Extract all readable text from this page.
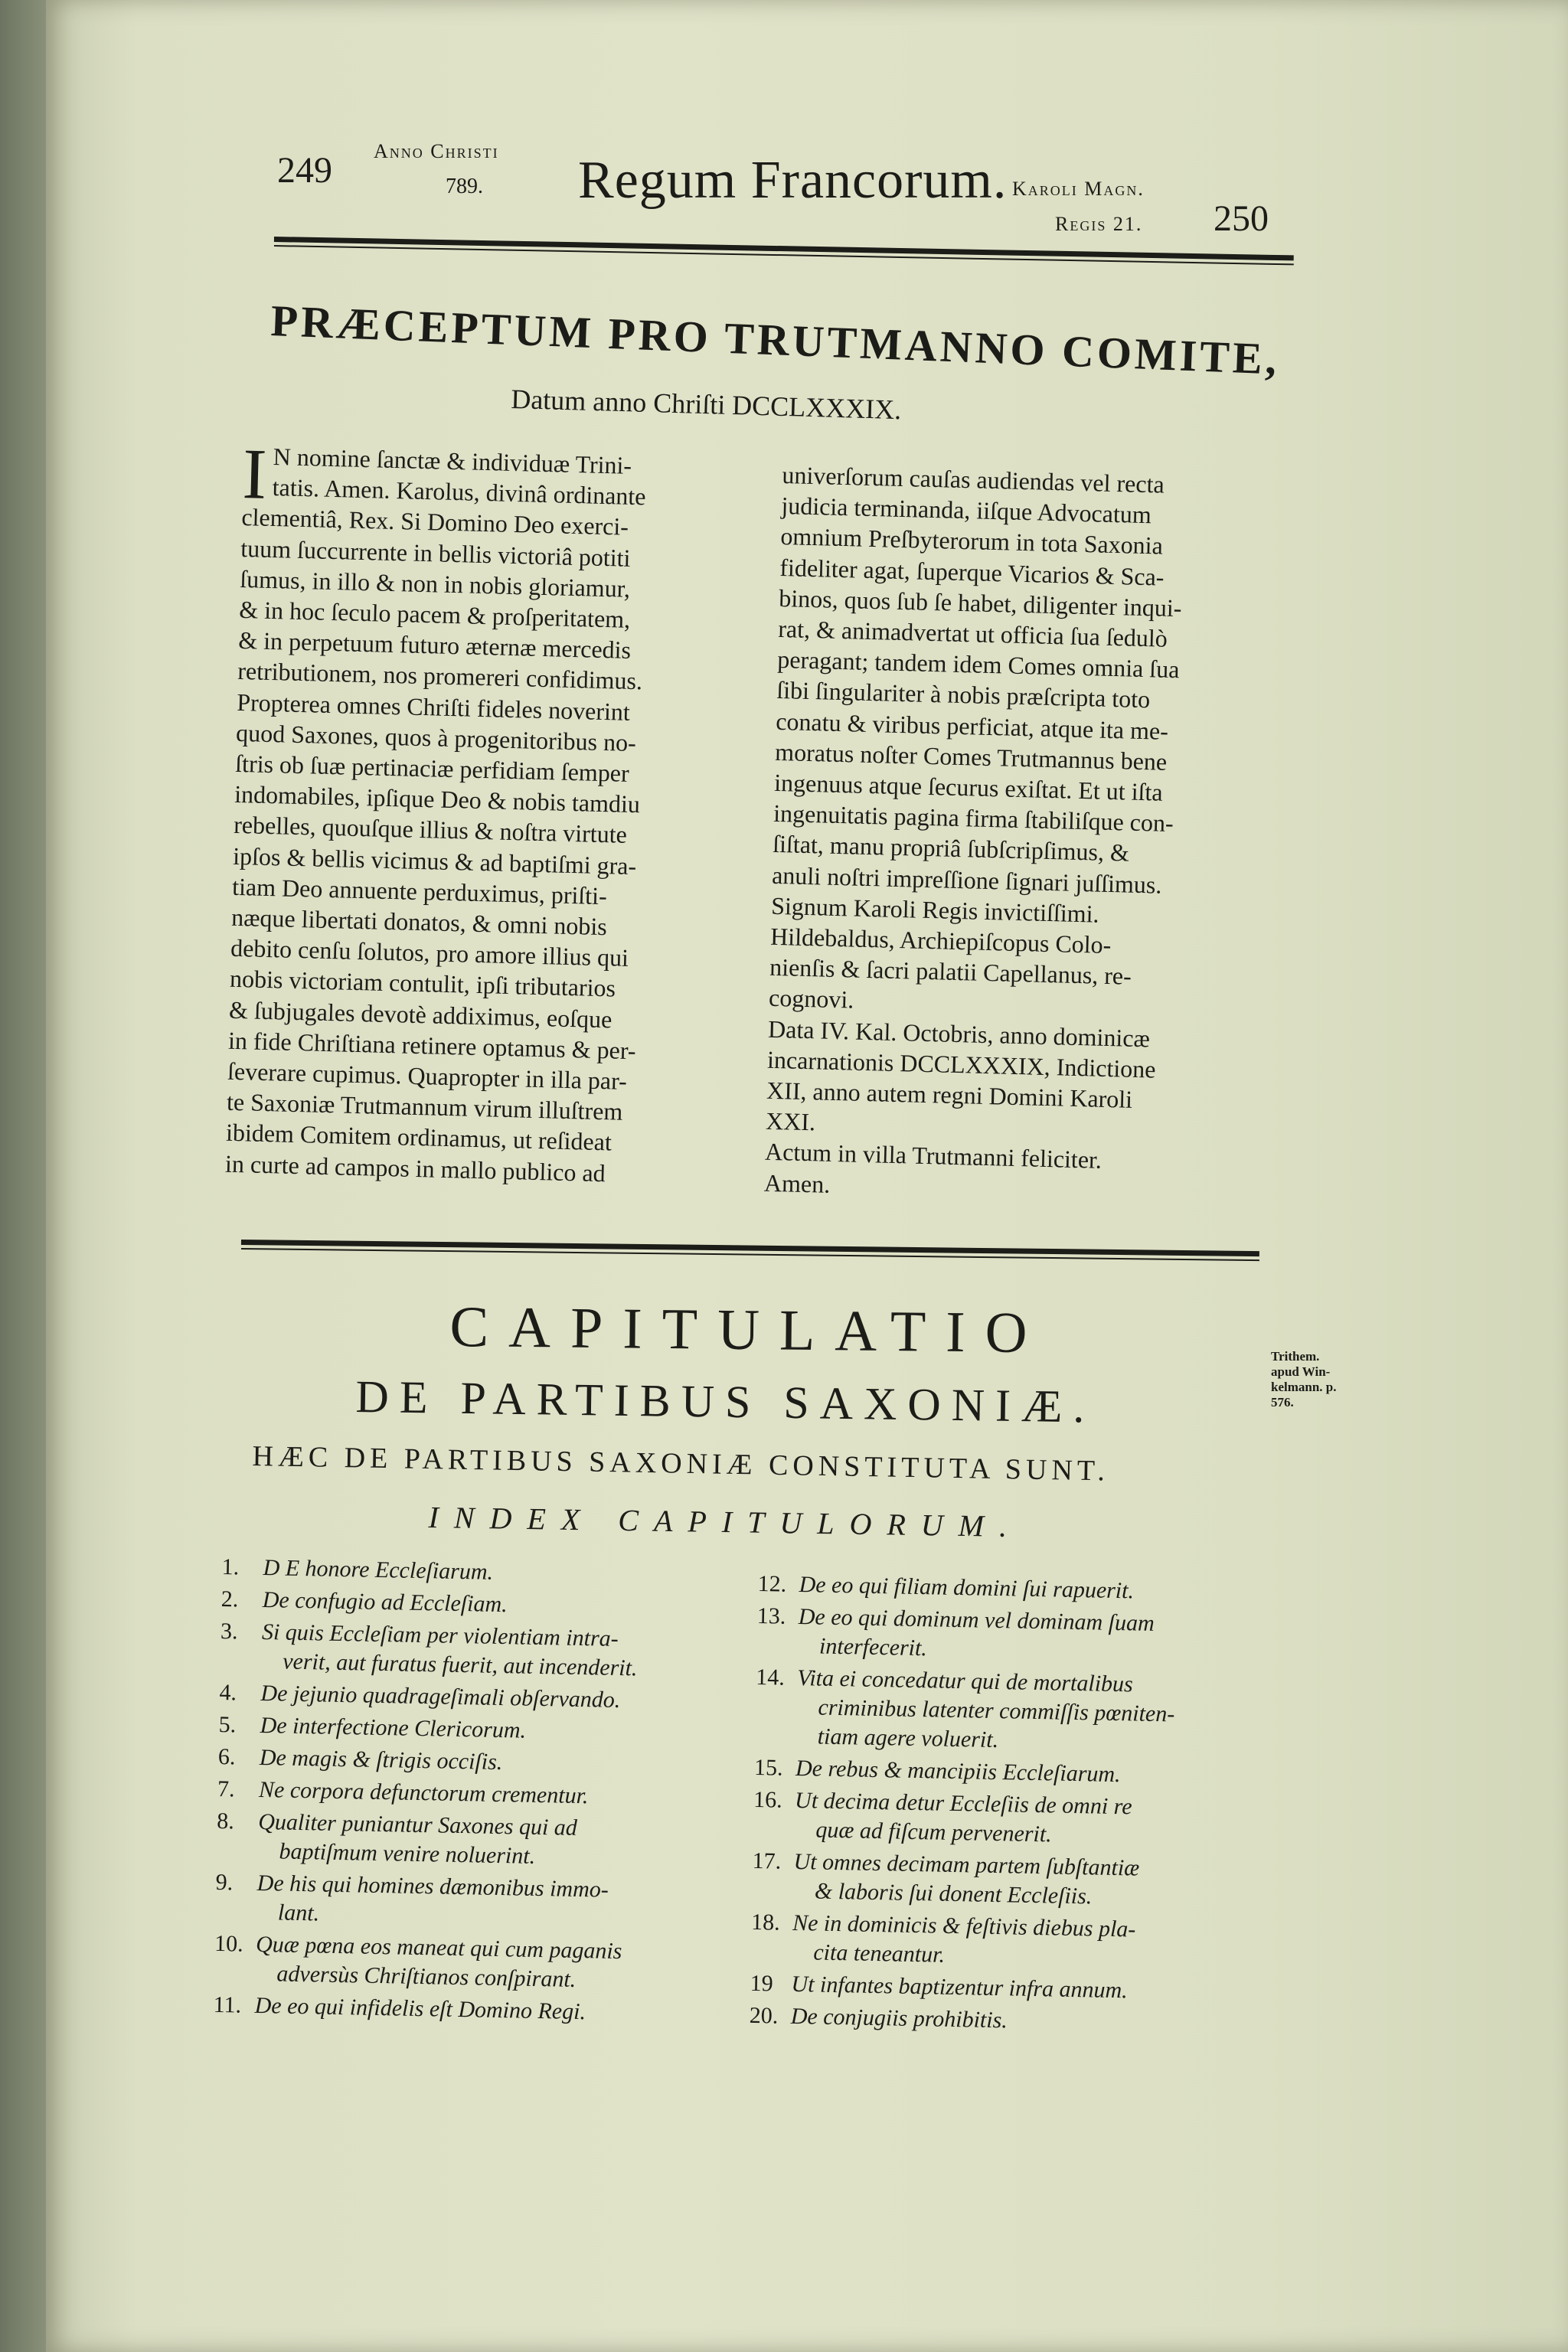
249 Anno Christi
789. Regum Francorum. Karoli Magn.
Regis 21. 250
PRÆCEPTUM PRO TRUTMANNO COMITE,
Datum anno Chriſti DCCLXXXIX.
I N nomine ſanctæ & individuæ Trini-
tatis. Amen. Karolus, divinâ ordinante
clementiâ, Rex. Si Domino Deo exerci-
tuum ſuccurrente in bellis victoriâ potiti
ſumus, in illo & non in nobis gloriamur,
& in hoc ſeculo pacem & proſperitatem,
& in perpetuum futuro æternæ mercedis
retributionem, nos promereri confidimus.
Propterea omnes Chriſti fideles noverint
quod Saxones, quos à progenitoribus no-
ſtris ob ſuæ pertinaciæ perfidiam ſemper
indomabiles, ipſique Deo & nobis tamdiu
rebelles, quouſque illius & noſtra virtute
ipſos & bellis vicimus & ad baptiſmi gra-
tiam Deo annuente perduximus, priſti-
næque libertati donatos, & omni nobis
debito cenſu ſolutos, pro amore illius qui
nobis victoriam contulit, ipſi tributarios
& ſubjugales devotè addiximus, eoſque
in fide Chriſtiana retinere optamus & per-
ſeverare cupimus. Quapropter in illa par-
te Saxoniæ Trutmannum virum illuſtrem
ibidem Comitem ordinamus, ut reſideat
in curte ad campos in mallo publico ad
univerſorum cauſas audiendas vel recta
judicia terminanda, iiſque Advocatum
omnium Preſbyterorum in tota Saxonia
fideliter agat, ſuperque Vicarios & Sca-
binos, quos ſub ſe habet, diligenter inqui-
rat, & animadvertat ut officia ſua ſedulò
peragant; tandem idem Comes omnia ſua
ſibi ſingulariter à nobis præſcripta toto
conatu & viribus perficiat, atque ita me-
moratus noſter Comes Trutmannus bene
ingenuus atque ſecurus exiſtat. Et ut iſta
ingenuitatis pagina firma ſtabiliſque con-
ſiſtat, manu propriâ ſubſcripſimus, &
anuli noſtri impreſſione ſignari juſſimus.
Signum Karoli Regis invictiſſimi.
Hildebaldus, Archiepiſcopus Colo-
nienſis & ſacri palatii Capellanus, re-
cognovi.
Data IV. Kal. Octobris, anno dominicæ
incarnationis DCCLXXXIX, Indictione
XII, anno autem regni Domini Karoli
XXI.
Actum in villa Trutmanni feliciter.
Amen.
CAPITULATIO
DE PARTIBUS SAXONIÆ.
HÆC DE PARTIBUS SAXONIÆ CONSTITUTA SUNT.
INDEX CAPITULORUM.
Trithem.
apud Win-
kelmann. p.
576.
1. D E honore Eccleſiarum.
2. De confugio ad Eccleſiam.
3. Si quis Eccleſiam per violentiam intra-
verit, aut furatus fuerit, aut incenderit.
4. De jejunio quadrageſimali obſervando.
5. De interfectione Clericorum.
6. De magis & ſtrigis occiſis.
7. Ne corpora defunctorum crementur.
8. Qualiter puniantur Saxones qui ad
baptiſmum venire noluerint.
9. De his qui homines dæmonibus immo-
lant.
10. Quæ pœna eos maneat qui cum paganis
adversùs Chriſtianos conſpirant.
11. De eo qui infidelis eſt Domino Regi.
12. De eo qui filiam domini ſui rapuerit.
13. De eo qui dominum vel dominam ſuam
interfecerit.
14. Vita ei concedatur qui de mortalibus
criminibus latenter commiſſis pœniten-
tiam agere voluerit.
15. De rebus & mancipiis Eccleſiarum.
16. Ut decima detur Eccleſiis de omni re
quæ ad fiſcum pervenerit.
17. Ut omnes decimam partem ſubſtantiæ
& laboris ſui donent Eccleſiis.
18. Ne in dominicis & feſtivis diebus pla-
cita teneantur.
19 Ut infantes baptizentur infra annum.
20. De conjugiis prohibitis.
